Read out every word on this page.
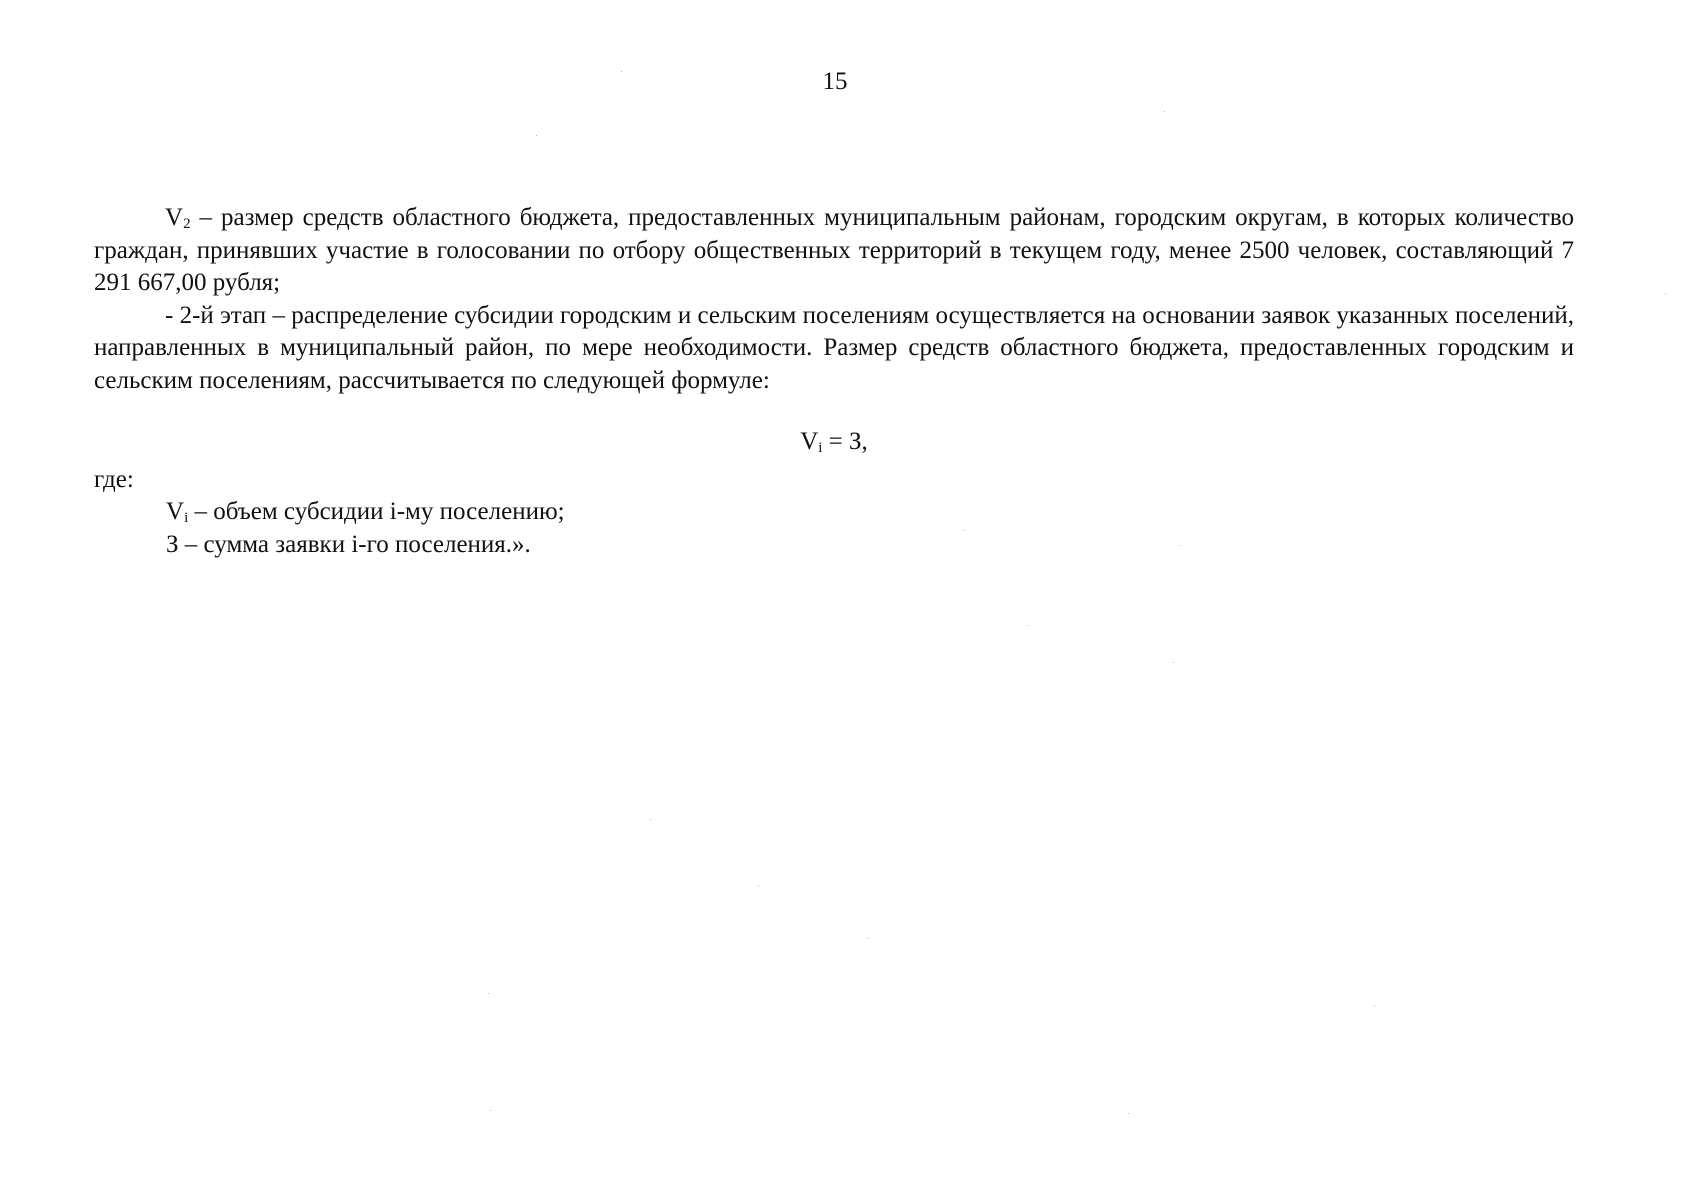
15

$V_2$ – размер средств областного бюджета, предоставленных муниципальным районам, городским округам, в которых количество граждан, принявших участие в голосовании по отбору общественных территорий в текущем году, менее 2500 человек, составляющий 7 291 667,00 рубля;

- 2-й этап – распределение субсидии городским и сельским поселениям осуществляется на основании заявок указанных поселений, направленных в муниципальный район, по мере необходимости. Размер средств областного бюджета, предоставленных городским и сельским поселениям, рассчитывается по следующей формуле:

$V_i = З$,
где:
$V_i$ – объем субсидии i-му поселению;
З – сумма заявки i-го поселения.».
